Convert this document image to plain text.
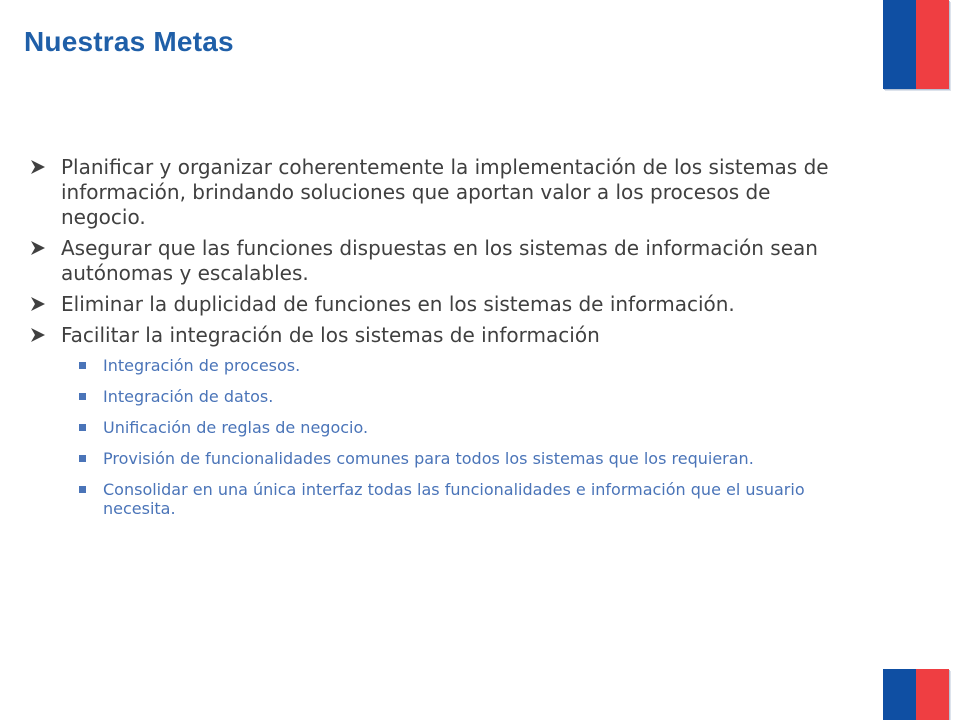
Nuestras Metas
Planificar y organizar coherentemente la implementación de los sistemas de información, brindando soluciones que aportan valor a los procesos de negocio.
Asegurar que las funciones dispuestas en los sistemas de información sean autónomas y escalables.
Eliminar la duplicidad de funciones en los sistemas de información.
Facilitar la integración de los sistemas de información
Integración de procesos.
Integración de datos.
Unificación de reglas de negocio.
Provisión de funcionalidades comunes para todos los sistemas que los requieran.
Consolidar en una única interfaz todas las funcionalidades e información que el usuario necesita.
